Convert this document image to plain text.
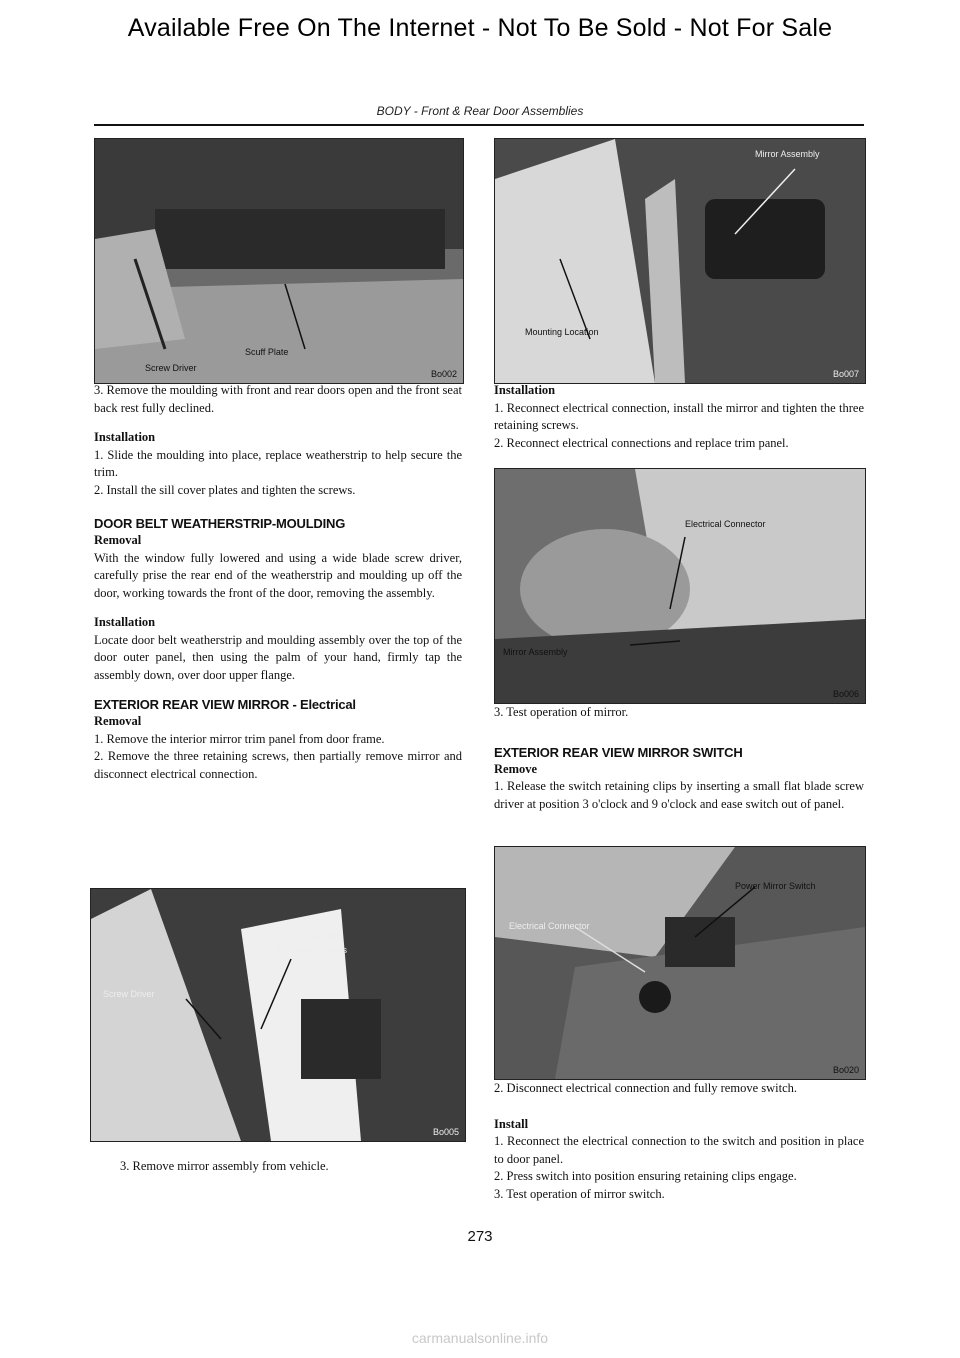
Available Free On The Internet - Not To Be Sold - Not For Sale
BODY - Front & Rear Door Assemblies
Scuff Plate
Screw Driver
Bo002
Mirror Assembly
Mounting Location
Bo007
Electrical Connector
Mirror Assembly
Bo006
Power Mirror Switch
Electrical Connector
Bo020
Mirror Assembly
Retaining Screws
Screw Driver
Bo005

3. Remove the moulding with front and rear doors open and the front seat back rest fully declined.

Installation

1. Slide the moulding into place, replace weatherstrip to help secure the trim.

2. Install the sill cover plates and tighten the screws.

DOOR BELT WEATHERSTRIP-MOULDING

Removal

With the window fully lowered and using a wide blade screw driver, carefully prise the rear end of the weatherstrip and moulding up off the door, working towards the front of the door, removing the assembly.

Installation

Locate door belt weatherstrip and moulding assembly over the top of the door outer panel, then using the palm of your hand, firmly tap the assembly down, over door upper flange.

EXTERIOR REAR VIEW MIRROR - Electrical

Removal

1. Remove the interior mirror trim panel from door frame.

2. Remove the three retaining screws, then partially remove mirror and disconnect electrical connection.

3. Remove mirror assembly from vehicle.

Installation

1. Reconnect electrical connection, install the mirror and tighten the three retaining screws.

2. Reconnect electrical connections and replace trim panel.

3. Test operation of mirror.

EXTERIOR REAR VIEW MIRROR SWITCH

Remove

1. Release the switch retaining clips by inserting a small flat blade screw driver at position 3 o'clock and 9 o'clock and ease switch out of panel.

2. Disconnect electrical connection and fully remove switch.

Install

1. Reconnect the electrical connection to the switch and position in place to door panel.

2. Press switch into position ensuring retaining clips engage.

3. Test operation of mirror switch.

273
carmanualsonline.info
